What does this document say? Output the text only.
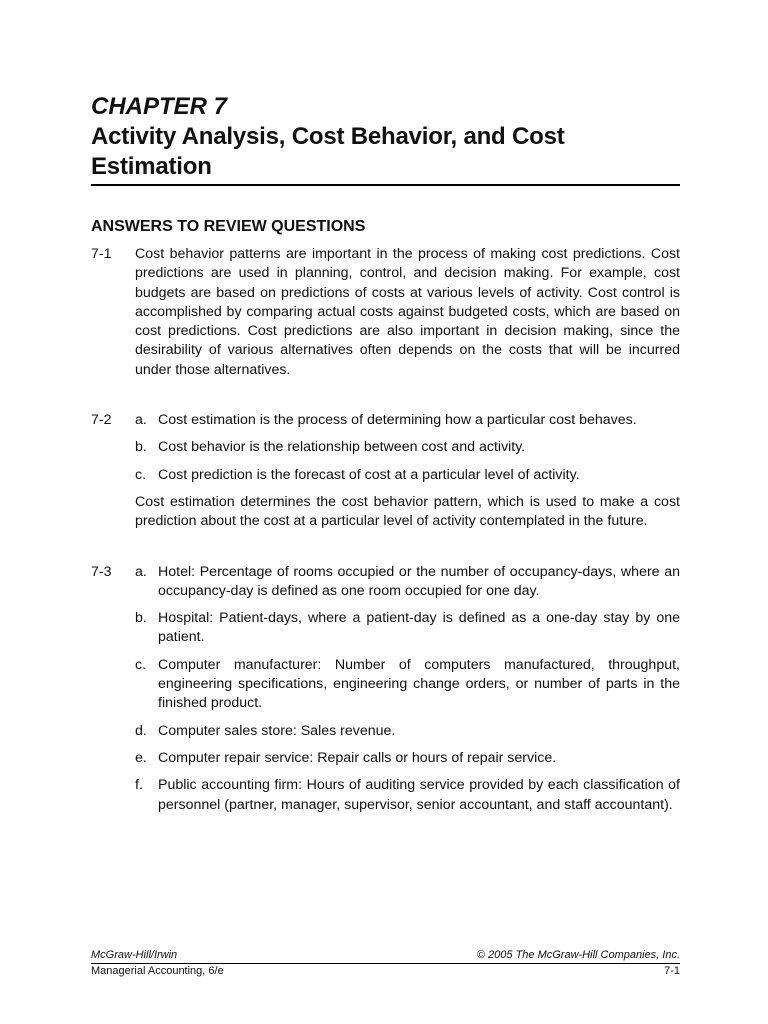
CHAPTER 7
Activity Analysis, Cost Behavior, and Cost Estimation
ANSWERS TO REVIEW QUESTIONS
7-1 Cost behavior patterns are important in the process of making cost predictions. Cost predictions are used in planning, control, and decision making. For example, cost budgets are based on predictions of costs at various levels of activity. Cost control is accomplished by comparing actual costs against budgeted costs, which are based on cost predictions. Cost predictions are also important in decision making, since the desirability of various alternatives often depends on the costs that will be incurred under those alternatives.
7-2 a. Cost estimation is the process of determining how a particular cost behaves.
b. Cost behavior is the relationship between cost and activity.
c. Cost prediction is the forecast of cost at a particular level of activity.
Cost estimation determines the cost behavior pattern, which is used to make a cost prediction about the cost at a particular level of activity contemplated in the future.
7-3 a. Hotel: Percentage of rooms occupied or the number of occupancy-days, where an occupancy-day is defined as one room occupied for one day.
b. Hospital: Patient-days, where a patient-day is defined as a one-day stay by one patient.
c. Computer manufacturer: Number of computers manufactured, throughput, engineering specifications, engineering change orders, or number of parts in the finished product.
d. Computer sales store: Sales revenue.
e. Computer repair service: Repair calls or hours of repair service.
f. Public accounting firm: Hours of auditing service provided by each classification of personnel (partner, manager, supervisor, senior accountant, and staff accountant).
McGraw-Hill/Irwin	© 2005 The McGraw-Hill Companies, Inc.
Managerial Accounting, 6/e	7-1
